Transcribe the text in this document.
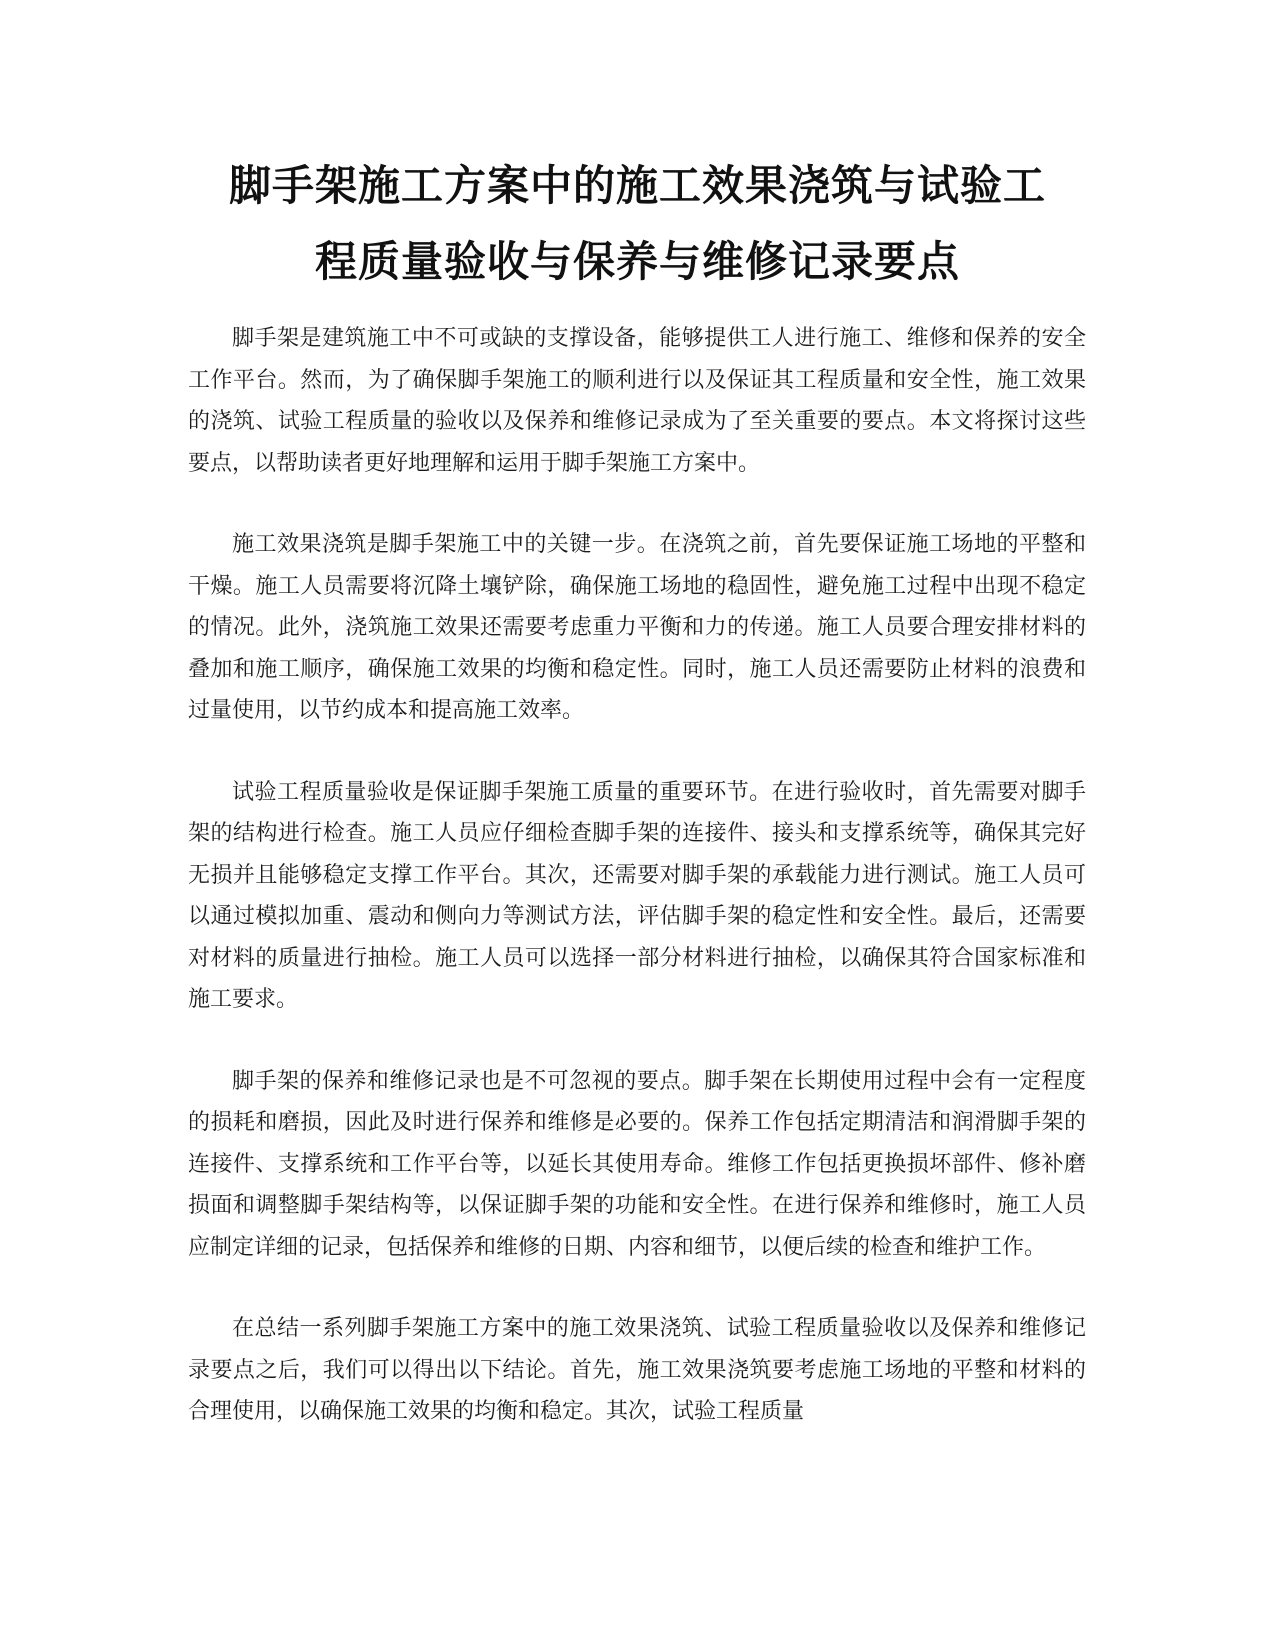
脚手架施工方案中的施工效果浇筑与试验工
程质量验收与保养与维修记录要点

脚手架是建筑施工中不可或缺的支撑设备，能够提供工人进行施工、维修和保养的安全工作平台。然而，为了确保脚手架施工的顺利进行以及保证其工程质量和安全性，施工效果的浇筑、试验工程质量的验收以及保养和维修记录成为了至关重要的要点。本文将探讨这些要点，以帮助读者更好地理解和运用于脚手架施工方案中。

施工效果浇筑是脚手架施工中的关键一步。在浇筑之前，首先要保证施工场地的平整和干燥。施工人员需要将沉降土壤铲除，确保施工场地的稳固性，避免施工过程中出现不稳定的情况。此外，浇筑施工效果还需要考虑重力平衡和力的传递。施工人员要合理安排材料的叠加和施工顺序，确保施工效果的均衡和稳定性。同时，施工人员还需要防止材料的浪费和过量使用，以节约成本和提高施工效率。

试验工程质量验收是保证脚手架施工质量的重要环节。在进行验收时，首先需要对脚手架的结构进行检查。施工人员应仔细检查脚手架的连接件、接头和支撑系统等，确保其完好无损并且能够稳定支撑工作平台。其次，还需要对脚手架的承载能力进行测试。施工人员可以通过模拟加重、震动和侧向力等测试方法，评估脚手架的稳定性和安全性。最后，还需要对材料的质量进行抽检。施工人员可以选择一部分材料进行抽检，以确保其符合国家标准和施工要求。

脚手架的保养和维修记录也是不可忽视的要点。脚手架在长期使用过程中会有一定程度的损耗和磨损，因此及时进行保养和维修是必要的。保养工作包括定期清洁和润滑脚手架的连接件、支撑系统和工作平台等，以延长其使用寿命。维修工作包括更换损坏部件、修补磨损面和调整脚手架结构等，以保证脚手架的功能和安全性。在进行保养和维修时，施工人员应制定详细的记录，包括保养和维修的日期、内容和细节，以便后续的检查和维护工作。

在总结一系列脚手架施工方案中的施工效果浇筑、试验工程质量验收以及保养和维修记录要点之后，我们可以得出以下结论。首先，施工效果浇筑要考虑施工场地的平整和材料的合理使用，以确保施工效果的均衡和稳定。其次，试验工程质量
